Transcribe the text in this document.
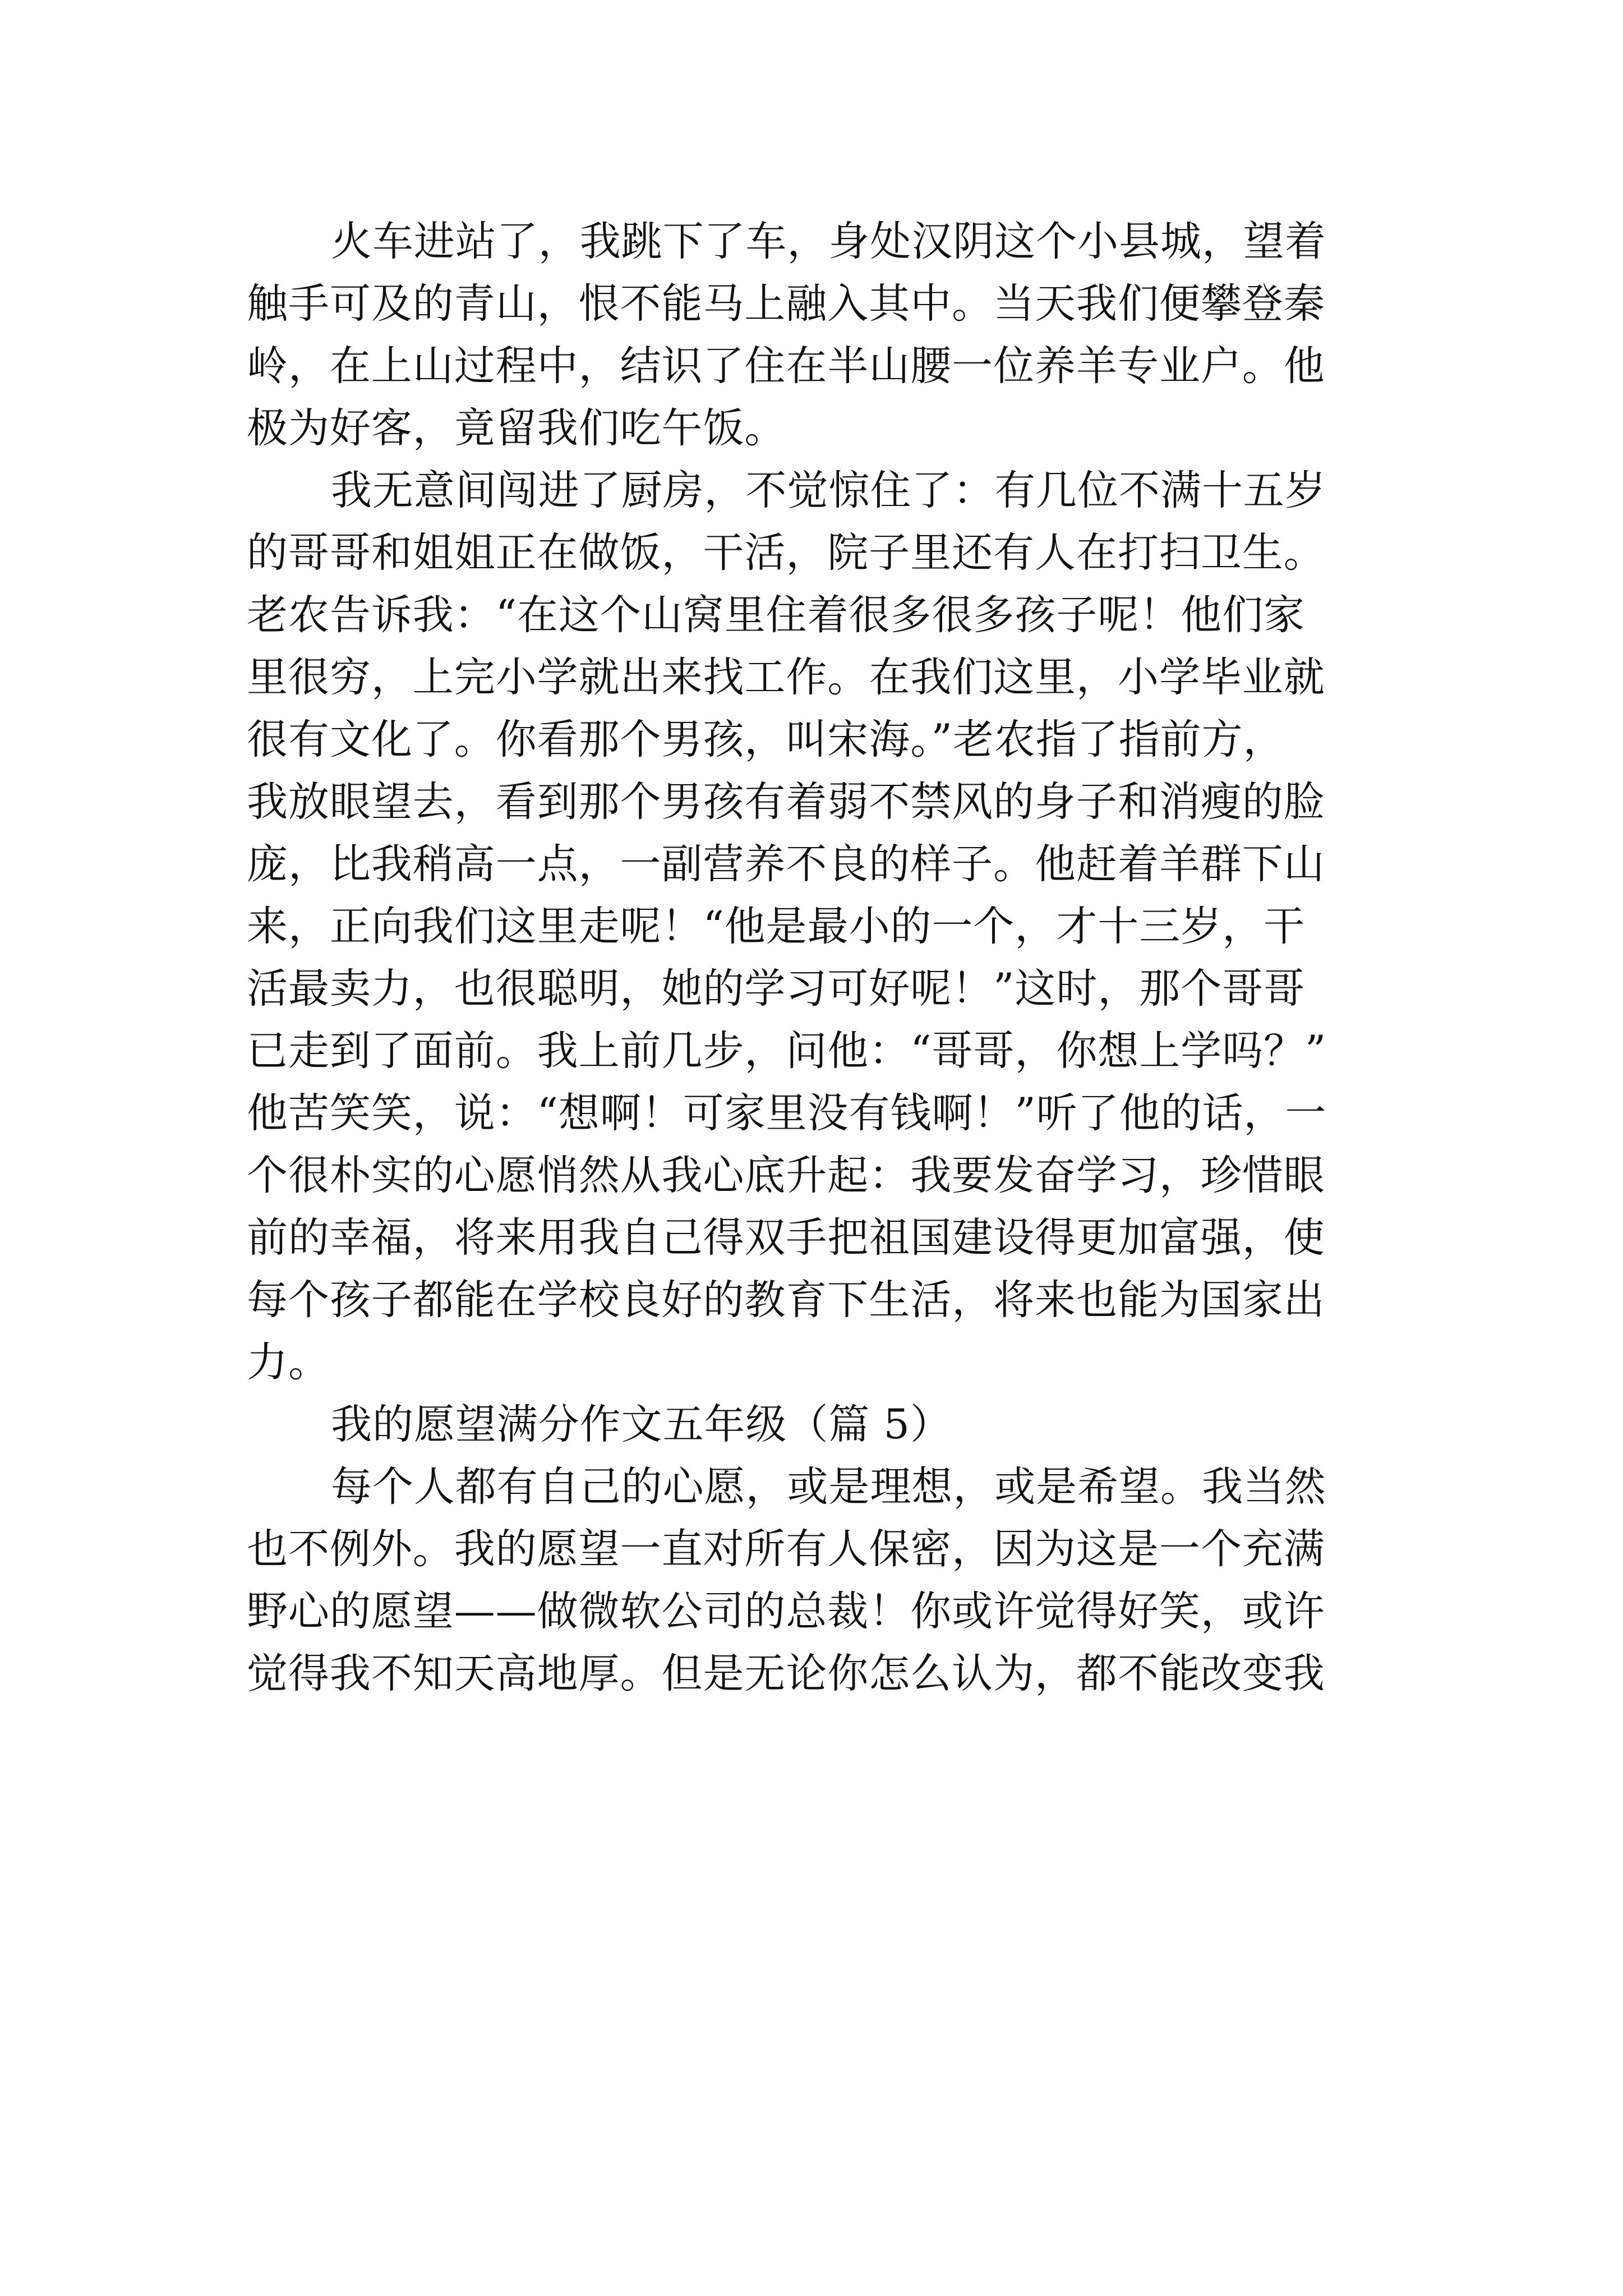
火车进站了，我跳下了车，身处汉阴这个小县城，望着

触手可及的青山，恨不能马上融入其中。当天我们便攀登秦

岭，在上山过程中，结识了住在半山腰一位养羊专业户。他

极为好客，竟留我们吃午饭。

我无意间闯进了厨房，不觉惊住了：有几位不满十五岁

的哥哥和姐姐正在做饭，干活，院子里还有人在打扫卫生。

老农告诉我：“在这个山窝里住着很多很多孩子呢！他们家

里很穷，上完小学就出来找工作。在我们这里，小学毕业就

很有文化了。你看那个男孩，叫宋海。”老农指了指前方，

我放眼望去，看到那个男孩有着弱不禁风的身子和消瘦的脸

庞，比我稍高一点，一副营养不良的样子。他赶着羊群下山

来，正向我们这里走呢！“他是最小的一个，才十三岁，干

活最卖力，也很聪明，她的学习可好呢！”这时，那个哥哥

已走到了面前。我上前几步，问他：“哥哥，你想上学吗？”

他苦笑笑，说：“想啊！可家里没有钱啊！”听了他的话，一

个很朴实的心愿悄然从我心底升起：我要发奋学习，珍惜眼

前的幸福，将来用我自己得双手把祖国建设得更加富强，使

每个孩子都能在学校良好的教育下生活，将来也能为国家出

力。

我的愿望满分作文五年级（篇 5）

每个人都有自己的心愿，或是理想，或是希望。我当然

也不例外。我的愿望一直对所有人保密，因为这是一个充满

野心的愿望——做微软公司的总裁！你或许觉得好笑，或许

觉得我不知天高地厚。但是无论你怎么认为，都不能改变我
